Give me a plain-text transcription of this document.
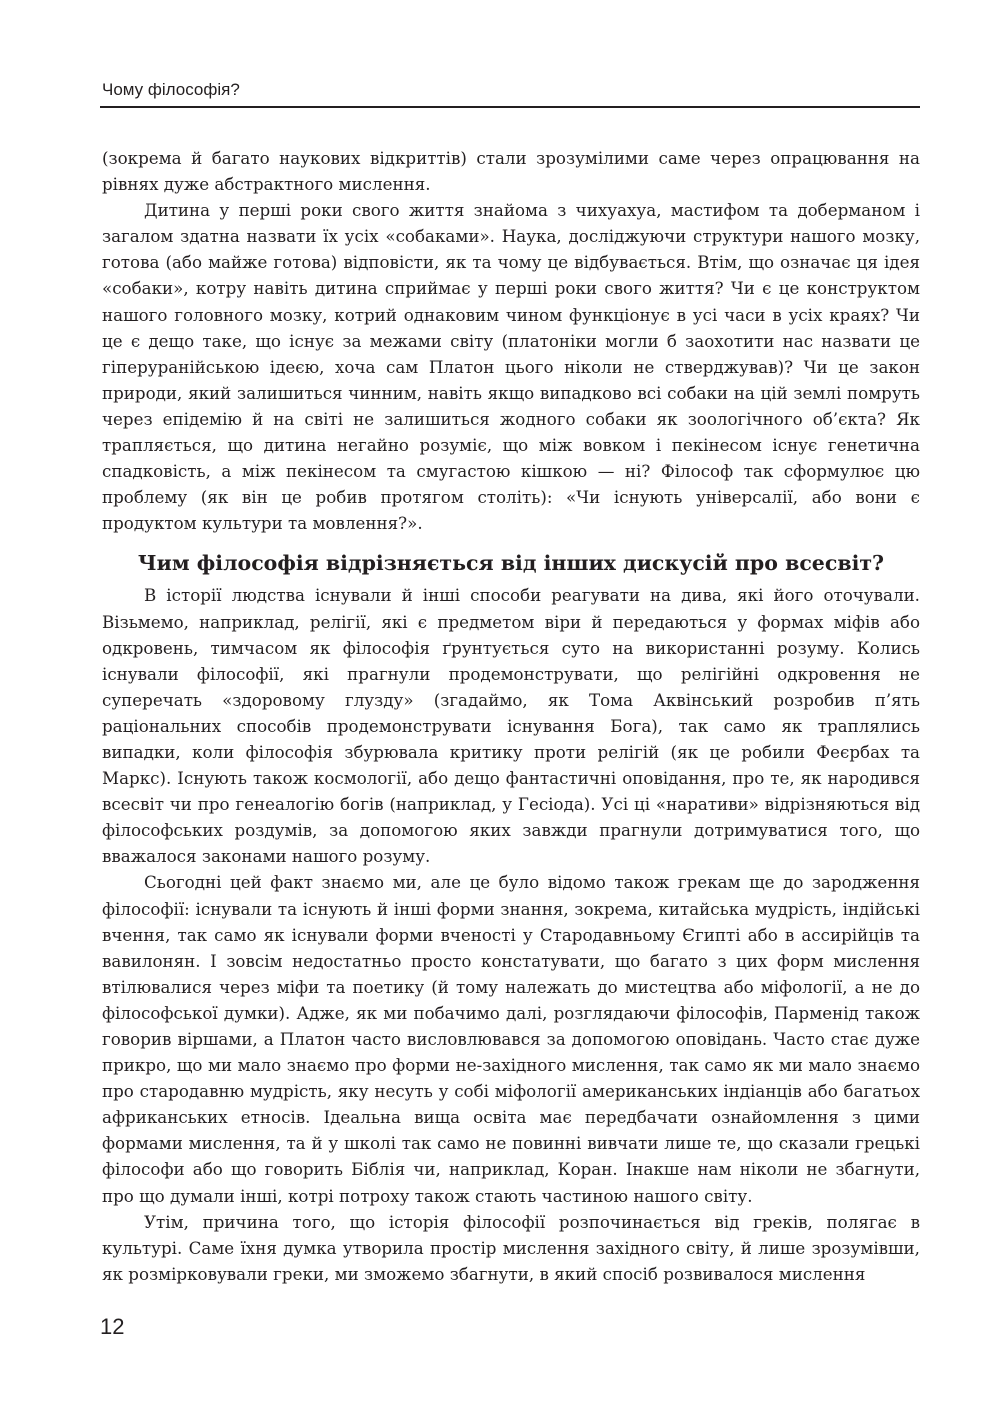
Чому філософія?

(зокрема й багато наукових відкриттів) стали зрозумілими саме через опрацювання на рівнях дуже абстрактного мислення.

Дитина у перші роки свого життя знайома з чихуахуа, мастифом та доберманом і загалом здатна назвати їх усіх «собаками». Наука, досліджуючи структури нашого мозку, готова (або майже готова) відповісти, як та чому це відбувається. Втім, що означає ця ідея «собаки», котру навіть дитина сприймає у перші роки свого життя? Чи є це конструктом нашого головного мозку, котрий однаковим чином функціонує в усі часи в усіх краях? Чи це є дещо таке, що існує за межами світу (платоніки могли б заохотити нас назвати це гіперуранійською ідеєю, хоча сам Платон цього ніколи не стверджував)? Чи це закон природи, який залишиться чинним, навіть якщо випадково всі собаки на цій землі помруть через епідемію й на світі не залишиться жодного собаки як зоологічного об’єкта? Як трапляється, що дитина негайно розуміє, що між вовком і пекінесом існує генетична спадковість, а між пекінесом та смугастою кішкою — ні? Філософ так сформулює цю проблему (як він це робив протягом століть): «Чи існують універсалії, або вони є продуктом культури та мовлення?».

Чим філософія відрізняється від інших дискусій про всесвіт?

В історії людства існували й інші способи реагувати на дива, які його оточували. Візьмемо, наприклад, релігії, які є предметом віри й передаються у формах міфів або одкровень, тимчасом як філософія ґрунтується суто на використанні розуму. Колись існували філософії, які прагнули продемонструвати, що релігійні одкровення не суперечать «здоровому глузду» (згадаймо, як Тома Аквінський розробив п’ять раціональних способів продемонструвати існування Бога), так само як траплялись випадки, коли філософія збурювала критику проти релігій (як це робили Феєрбах та Маркс). Існують також космології, або дещо фантастичні оповідання, про те, як народився всесвіт чи про генеалогію богів (наприклад, у Гесіода). Усі ці «наративи» відрізняються від філософських роздумів, за допомогою яких завжди прагнули дотримуватися того, що вважалося законами нашого розуму.

Сьогодні цей факт знаємо ми, але це було відомо також грекам ще до зародження філософії: існували та існують й інші форми знання, зокрема, китайська мудрість, індійські вчення, так само як існували форми вченості у Стародавньому Єгипті або в ассирійців та вавилонян. І зовсім недостатньо просто констатувати, що багато з цих форм мислення втілювалися через міфи та поетику (й тому належать до мистецтва або міфології, а не до філософської думки). Адже, як ми побачимо далі, розглядаючи філософів, Парменід також говорив віршами, а Платон часто висловлювався за допомогою оповідань. Часто стає дуже прикро, що ми мало знаємо про форми не-західного мислення, так само як ми мало знаємо про стародавню мудрість, яку несуть у собі міфології американських індіанців або багатьох африканських етносів. Ідеальна вища освіта має передбачати ознайомлення з цими формами мислення, та й у школі так само не повинні вивчати лише те, що сказали грецькі філософи або що говорить Біблія чи, наприклад, Коран. Інакше нам ніколи не збагнути, про що думали інші, котрі потроху також стають частиною нашого світу.

Утім, причина того, що історія філософії розпочинається від греків, полягає в культурі. Саме їхня думка утворила простір мислення західного світу, й лише зрозумівши, як розмірковували греки, ми зможемо збагнути, в який спосіб розвивалося мислення

12
